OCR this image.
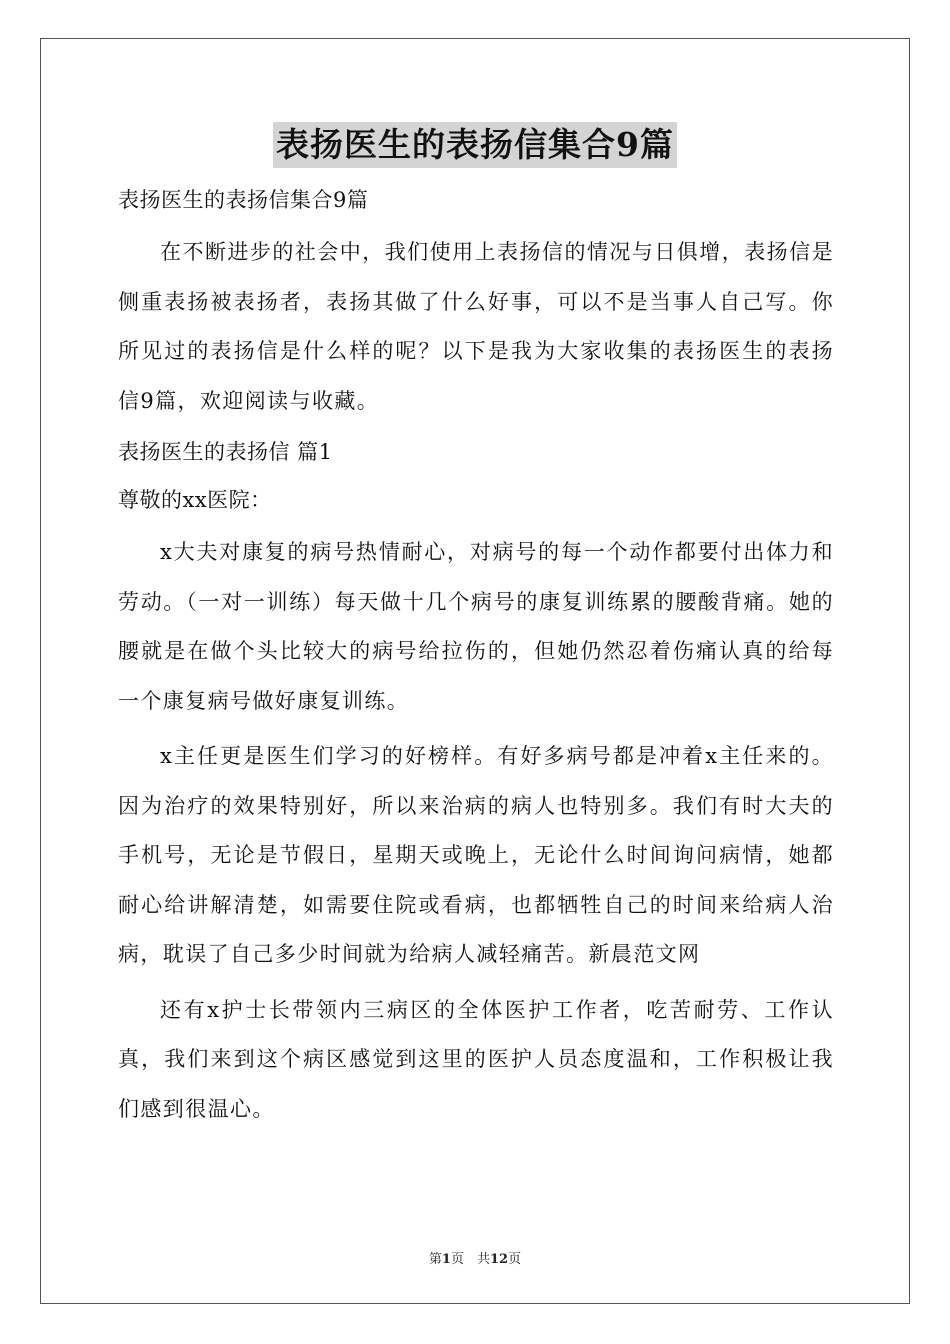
表扬医生的表扬信集合9篇

表扬医生的表扬信集合9篇

在不断进步的社会中，我们使用上表扬信的情况与日俱增，表扬信是侧重表扬被表扬者，表扬其做了什么好事，可以不是当事人自己写。你所见过的表扬信是什么样的呢？以下是我为大家收集的表扬医生的表扬信9篇，欢迎阅读与收藏。

表扬医生的表扬信 篇1

尊敬的xx医院：

x大夫对康复的病号热情耐心，对病号的每一个动作都要付出体力和劳动。（一对一训练）每天做十几个病号的康复训练累的腰酸背痛。她的腰就是在做个头比较大的病号给拉伤的，但她仍然忍着伤痛认真的给每一个康复病号做好康复训练。

x主任更是医生们学习的好榜样。有好多病号都是冲着x主任来的。因为治疗的效果特别好，所以来治病的病人也特别多。我们有时大夫的手机号，无论是节假日，星期天或晚上，无论什么时间询问病情，她都耐心给讲解清楚，如需要住院或看病，也都牺牲自己的时间来给病人治病，耽误了自己多少时间就为给病人减轻痛苦。新晨范文网

还有x护士长带领内三病区的全体医护工作者，吃苦耐劳、工作认真，我们来到这个病区感觉到这里的医护人员态度温和，工作积极让我们感到很温心。

第1页　共12页
